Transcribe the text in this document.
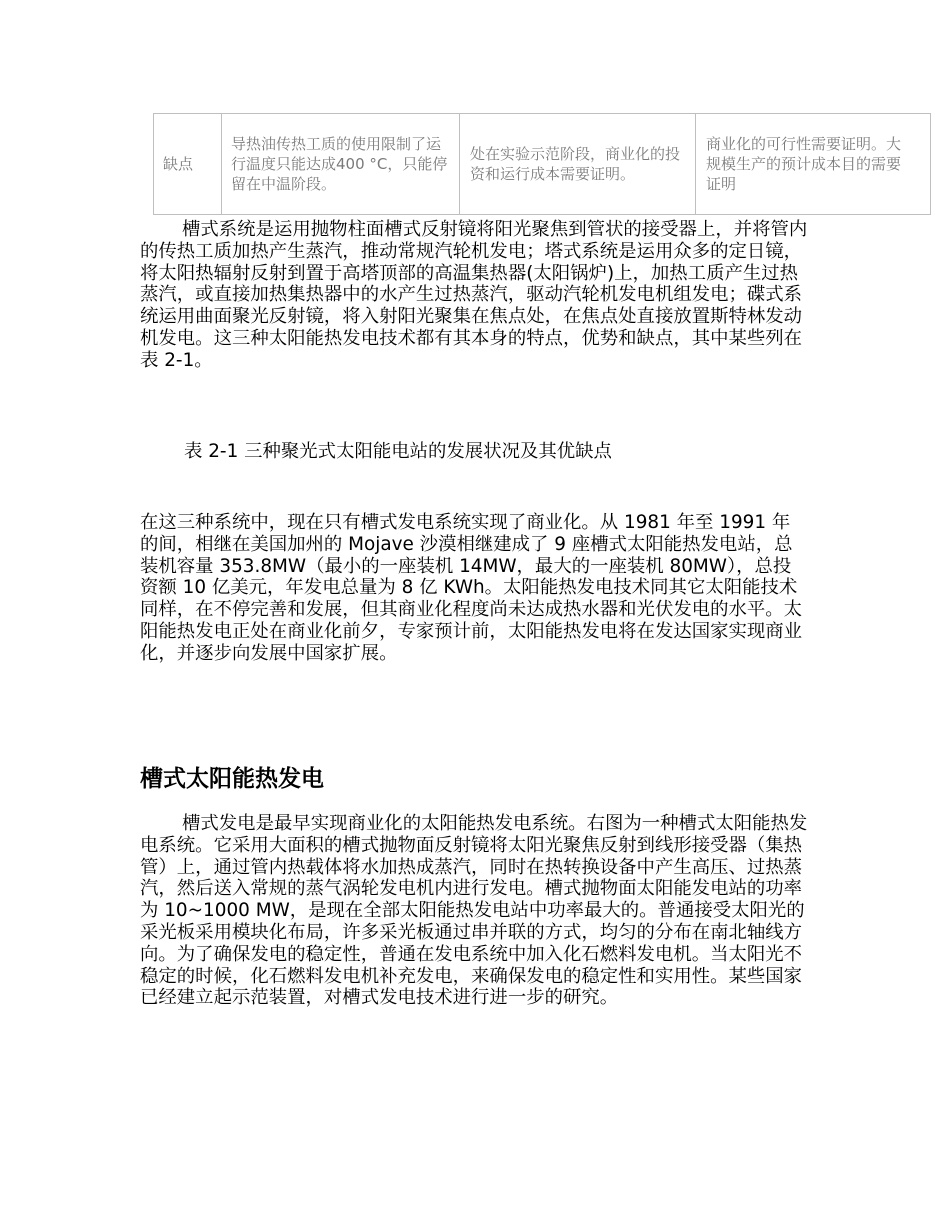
缺点	导热油传热工质的使用限制了运行温度只能达成400 °C，只能停留在中温阶段。	处在实验示范阶段，商业化的投资和运行成本需要证明。	商业化的可行性需要证明。大规模生产的预计成本目的需要证明

槽式系统是运用抛物柱面槽式反射镜将阳光聚焦到管状的接受器上，并将管内的传热工质加热产生蒸汽，推动常规汽轮机发电；塔式系统是运用众多的定日镜，将太阳热辐射反射到置于高塔顶部的高温集热器(太阳锅炉)上，加热工质产生过热蒸汽，或直接加热集热器中的水产生过热蒸汽，驱动汽轮机发电机组发电；碟式系统运用曲面聚光反射镜，将入射阳光聚集在焦点处，在焦点处直接放置斯特林发动机发电。这三种太阳能热发电技术都有其本身的特点，优势和缺点，其中某些列在表 2-1。

表 2-1 三种聚光式太阳能电站的发展状况及其优缺点

在这三种系统中，现在只有槽式发电系统实现了商业化。从 1981 年至 1991 年的间，相继在美国加州的 Mojave 沙漠相继建成了 9 座槽式太阳能热发电站，总装机容量 353.8MW（最小的一座装机 14MW，最大的一座装机 80MW），总投资额 10 亿美元，年发电总量为 8 亿 KWh。太阳能热发电技术同其它太阳能技术同样，在不停完善和发展，但其商业化程度尚未达成热水器和光伏发电的水平。太阳能热发电正处在商业化前夕，专家预计前，太阳能热发电将在发达国家实现商业化，并逐步向发展中国家扩展。

槽式太阳能热发电

槽式发电是最早实现商业化的太阳能热发电系统。右图为一种槽式太阳能热发电系统。它采用大面积的槽式抛物面反射镜将太阳光聚焦反射到线形接受器（集热管）上，通过管内热载体将水加热成蒸汽，同时在热转换设备中产生高压、过热蒸汽，然后送入常规的蒸气涡轮发电机内进行发电。槽式抛物面太阳能发电站的功率为 10~1000 MW，是现在全部太阳能热发电站中功率最大的。普通接受太阳光的采光板采用模块化布局，许多采光板通过串并联的方式，均匀的分布在南北轴线方向。为了确保发电的稳定性，普通在发电系统中加入化石燃料发电机。当太阳光不稳定的时候，化石燃料发电机补充发电，来确保发电的稳定性和实用性。某些国家已经建立起示范装置，对槽式发电技术进行进一步的研究。
